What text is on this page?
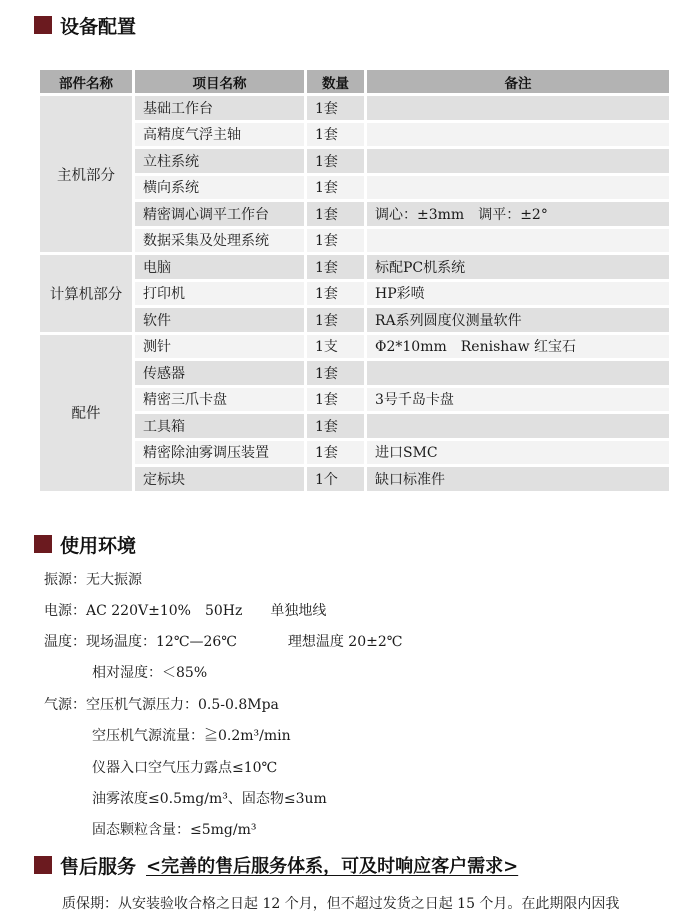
设备配置
部件名称	项目名称	数量	备注
主机部分	基础工作台	1套	
	高精度气浮主轴	1套	
	立柱系统	1套	
	横向系统	1套	
	精密调心调平工作台	1套	调心：±3mm　调平：±2°
	数据采集及处理系统	1套	
计算机部分	电脑	1套	标配PC机系统
	打印机	1套	HP彩喷
	软件	1套	RA系列圆度仪测量软件
配件	测针	1支	Φ2*10mm　Renishaw 红宝石
	传感器	1套	
	精密三爪卡盘	1套	3号千岛卡盘
	工具箱	1套	
	精密除油雾调压装置	1套	进口SMC
	定标块	1个	缺口标准件
使用环境
振源：无大振源
电源：AC 220V±10%　50Hz　　单独地线
温度：现场温度：12℃—26℃	理想温度 20±2℃
相对湿度：＜85%
气源：空压机气源压力：0.5-0.8Mpa
空压机气源流量：≧0.2m³/min
仪器入口空气压力露点≤10℃
油雾浓度≤0.5mg/m³、固态物≤3um
固态颗粒含量：≤5mg/m³
售后服务 <完善的售后服务体系，可及时响应客户需求>
质保期：从安装验收合格之日起 12 个月，但不超过发货之日起 15 个月。在此期限内因我
